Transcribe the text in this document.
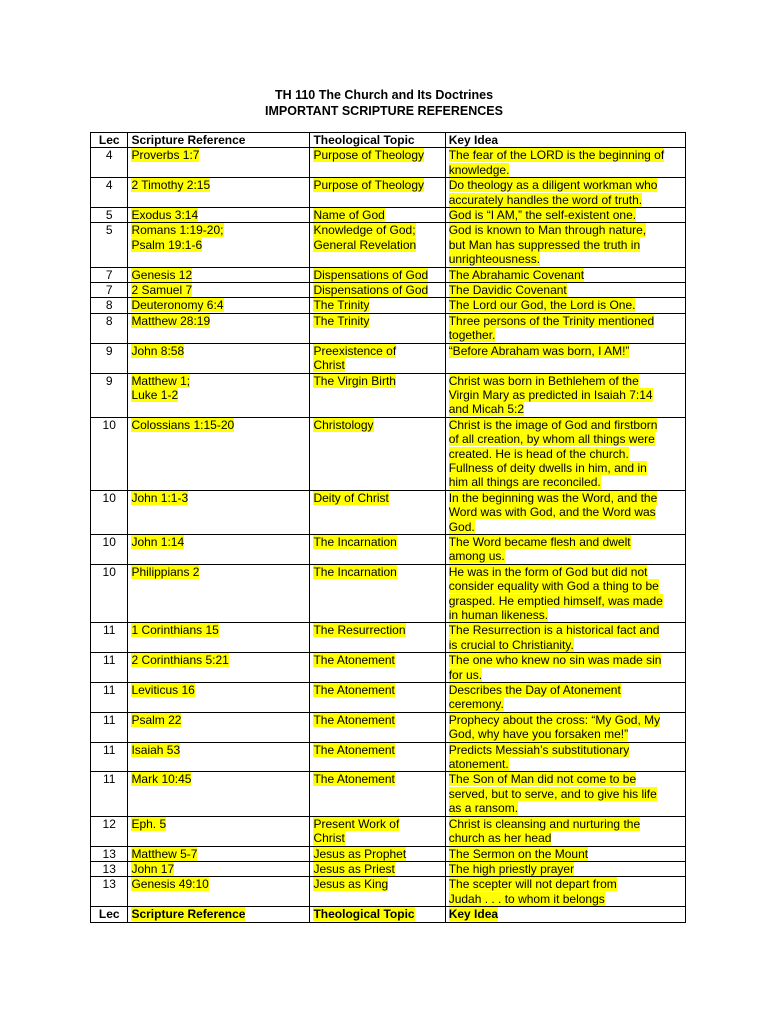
TH 110 The Church and Its Doctrines
IMPORTANT SCRIPTURE REFERENCES
Lec	Scripture Reference	Theological Topic	Key Idea

4	Proverbs 1:7	Purpose of Theology	The fear of the LORD is the beginning of
knowledge.

4	2 Timothy 2:15	Purpose of Theology	Do theology as a diligent workman who
accurately handles the word of truth.

5	Exodus 3:14	Name of God	God is “I AM,” the self-existent one.

5	Romans 1:19-20;
Psalm 19:1-6	Knowledge of God;
General Revelation	God is known to Man through nature,
but Man has suppressed the truth in
unrighteousness.

7	Genesis 12	Dispensations of God	The Abrahamic Covenant

7	2 Samuel 7	Dispensations of God	The Davidic Covenant

8	Deuteronomy 6:4	The Trinity	The Lord our God, the Lord is One.

8	Matthew 28:19	The Trinity	Three persons of the Trinity mentioned
together.

9	John 8:58	Preexistence of
Christ	“Before Abraham was born, I AM!”

9	Matthew 1;
Luke 1-2	The Virgin Birth	Christ was born in Bethlehem of the
Virgin Mary as predicted in Isaiah 7:14
and Micah 5:2

10	Colossians 1:15-20	Christology	Christ is the image of God and firstborn
of all creation, by whom all things were
created. He is head of the church.
Fullness of deity dwells in him, and in
him all things are reconciled.

10	John 1:1-3	Deity of Christ	In the beginning was the Word, and the
Word was with God, and the Word was
God.

10	John 1:14	The Incarnation	The Word became flesh and dwelt
among us.

10	Philippians 2	The Incarnation	He was in the form of God but did not
consider equality with God a thing to be
grasped. He emptied himself, was made
in human likeness.

11	1 Corinthians 15	The Resurrection	The Resurrection is a historical fact and
is crucial to Christianity.

11	2 Corinthians 5:21	The Atonement	The one who knew no sin was made sin
for us.

11	Leviticus 16	The Atonement	Describes the Day of Atonement
ceremony.

11	Psalm 22	The Atonement	Prophecy about the cross: “My God, My
God, why have you forsaken me!”

11	Isaiah 53	The Atonement	Predicts Messiah’s substitutionary
atonement.

11	Mark 10:45	The Atonement	The Son of Man did not come to be
served, but to serve, and to give his life
as a ransom.

12	Eph. 5	Present Work of
Christ	Christ is cleansing and nurturing the
church as her head

13	Matthew 5-7	Jesus as Prophet	The Sermon on the Mount

13	John 17	Jesus as Priest	The high priestly prayer

13	Genesis 49:10	Jesus as King	The scepter will not depart from
Judah . . . to whom it belongs

Lec	Scripture Reference	Theological Topic	Key Idea
